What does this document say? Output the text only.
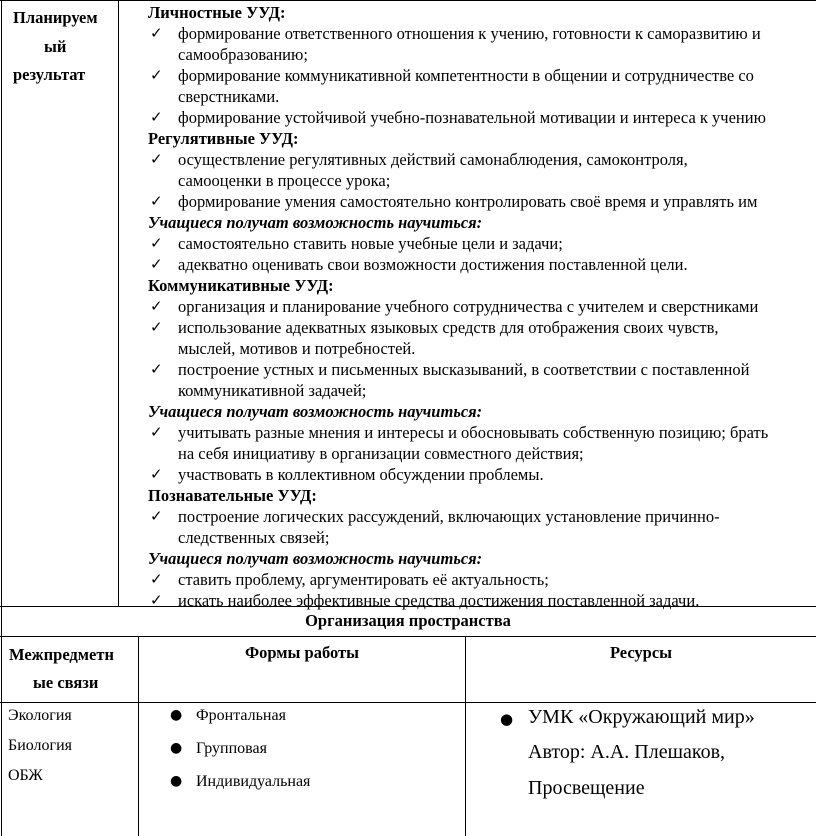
Планируем
ый
результат
Личностные УУД:
✓ формирование ответственного отношения к учению, готовности к саморазвитию и
самообразованию;
✓ формирование коммуникативной компетентности в общении и сотрудничестве со
сверстниками.
✓ формирование устойчивой учебно-познавательной мотивации и интереса к учению
Регулятивные УУД:
✓ осуществление регулятивных действий самонаблюдения, самоконтроля,
самооценки в процессе урока;
✓ формирование умения самостоятельно контролировать своё время и управлять им
Учащиеся получат возможность научиться:
✓ самостоятельно ставить новые учебные цели и задачи;
✓ адекватно оценивать свои возможности достижения поставленной цели.
Коммуникативные УУД:
✓ организация и планирование учебного сотрудничества с учителем и сверстниками
✓ использование адекватных языковых средств для отображения своих чувств,
мыслей, мотивов и потребностей.
✓ построение устных и письменных высказываний, в соответствии с поставленной
коммуникативной задачей;
Учащиеся получат возможность научиться:
✓ учитывать разные мнения и интересы и обосновывать собственную позицию; брать
на себя инициативу в организации совместного действия;
✓ участвовать в коллективном обсуждении проблемы.
Познавательные УУД:
✓ построение логических рассуждений, включающих установление причинно-
следственных связей;
Учащиеся получат возможность научиться:
✓ ставить проблему, аргументировать её актуальность;
✓ искать наиболее эффективные средства достижения поставленной задачи.
Организация пространства
Межпредметн
ые связи
Формы работы	Ресурсы
Экология
Биология
ОБЖ
● Фронтальная
● Групповая
● Индивидуальная
● УМК «Окружающий мир»
Автор: А.А. Плешаков,
Просвещение
